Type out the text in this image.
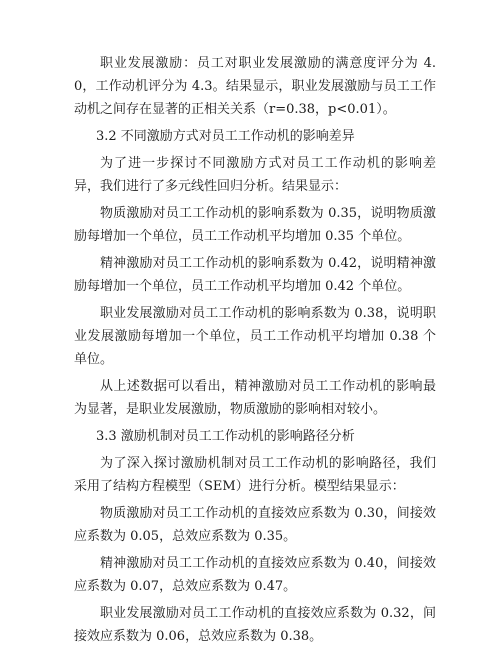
职业发展激励：员工对职业发展激励的满意度评分为 4.0，工作动机评分为 4.3。结果显示，职业发展激励与员工工作动机之间存在显著的正相关关系（r=0.38，p<0.01）。

3.2 不同激励方式对员工工作动机的影响差异

为了进一步探讨不同激励方式对员工工作动机的影响差异，我们进行了多元线性回归分析。结果显示：

物质激励对员工工作动机的影响系数为 0.35，说明物质激励每增加一个单位，员工工作动机平均增加 0.35 个单位。

精神激励对员工工作动机的影响系数为 0.42，说明精神激励每增加一个单位，员工工作动机平均增加 0.42 个单位。

职业发展激励对员工工作动机的影响系数为 0.38，说明职业发展激励每增加一个单位，员工工作动机平均增加 0.38 个单位。

从上述数据可以看出，精神激励对员工工作动机的影响最为显著，是职业发展激励，物质激励的影响相对较小。

3.3 激励机制对员工工作动机的影响路径分析

为了深入探讨激励机制对员工工作动机的影响路径，我们采用了结构方程模型（SEM）进行分析。模型结果显示：

物质激励对员工工作动机的直接效应系数为 0.30，间接效应系数为 0.05，总效应系数为 0.35。

精神激励对员工工作动机的直接效应系数为 0.40，间接效应系数为 0.07，总效应系数为 0.47。

职业发展激励对员工工作动机的直接效应系数为 0.32，间接效应系数为 0.06，总效应系数为 0.38。
